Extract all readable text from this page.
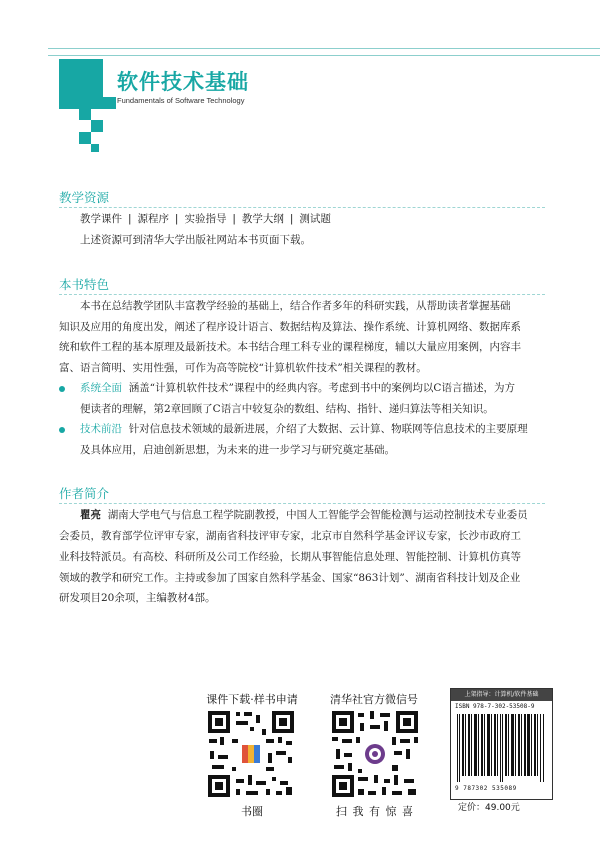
软件技术基础
Fundamentals of Software Technology
教学资源
教学课件 ❘ 源程序 ❘ 实验指导 ❘ 教学大纲 ❘ 测试题
上述资源可到清华大学出版社网站本书页面下载。
本书特色
本书在总结教学团队丰富教学经验的基础上，结合作者多年的科研实践，从帮助读者掌握基础
知识及应用的角度出发，阐述了程序设计语言、数据结构及算法、操作系统、计算机网络、数据库系
统和软件工程的基本原理及最新技术。本书结合理工科专业的课程梯度，辅以大量应用案例，内容丰
富、语言简明、实用性强，可作为高等院校“计算机软件技术”相关课程的教材。
系统全面 涵盖“计算机软件技术”课程中的经典内容。考虑到书中的案例均以C语言描述，为方
便读者的理解，第2章回顾了C语言中较复杂的数组、结构、指针、递归算法等相关知识。
技术前沿 针对信息技术领域的最新进展，介绍了大数据、云计算、物联网等信息技术的主要原理
及具体应用，启迪创新思想，为未来的进一步学习与研究奠定基础。
作者简介
瞿亮 湖南大学电气与信息工程学院副教授，中国人工智能学会智能检测与运动控制技术专业委员
会委员，教育部学位评审专家，湖南省科技评审专家，北京市自然科学基金评议专家，长沙市政府工
业科技特派员。有高校、科研所及公司工作经验，长期从事智能信息处理、智能控制、计算机仿真等
领域的教学和研究工作。主持或参加了国家自然科学基金、国家“863计划”、湖南省科技计划及企业
研发项目20余项，主编教材4部。
课件下载·样书申请
书圈
清华社官方微信号
扫 我 有 惊 喜
上架指导：计算机/软件基础
ISBN 978-7-302-53508-9
9 787302 535089
定价：49.00元
